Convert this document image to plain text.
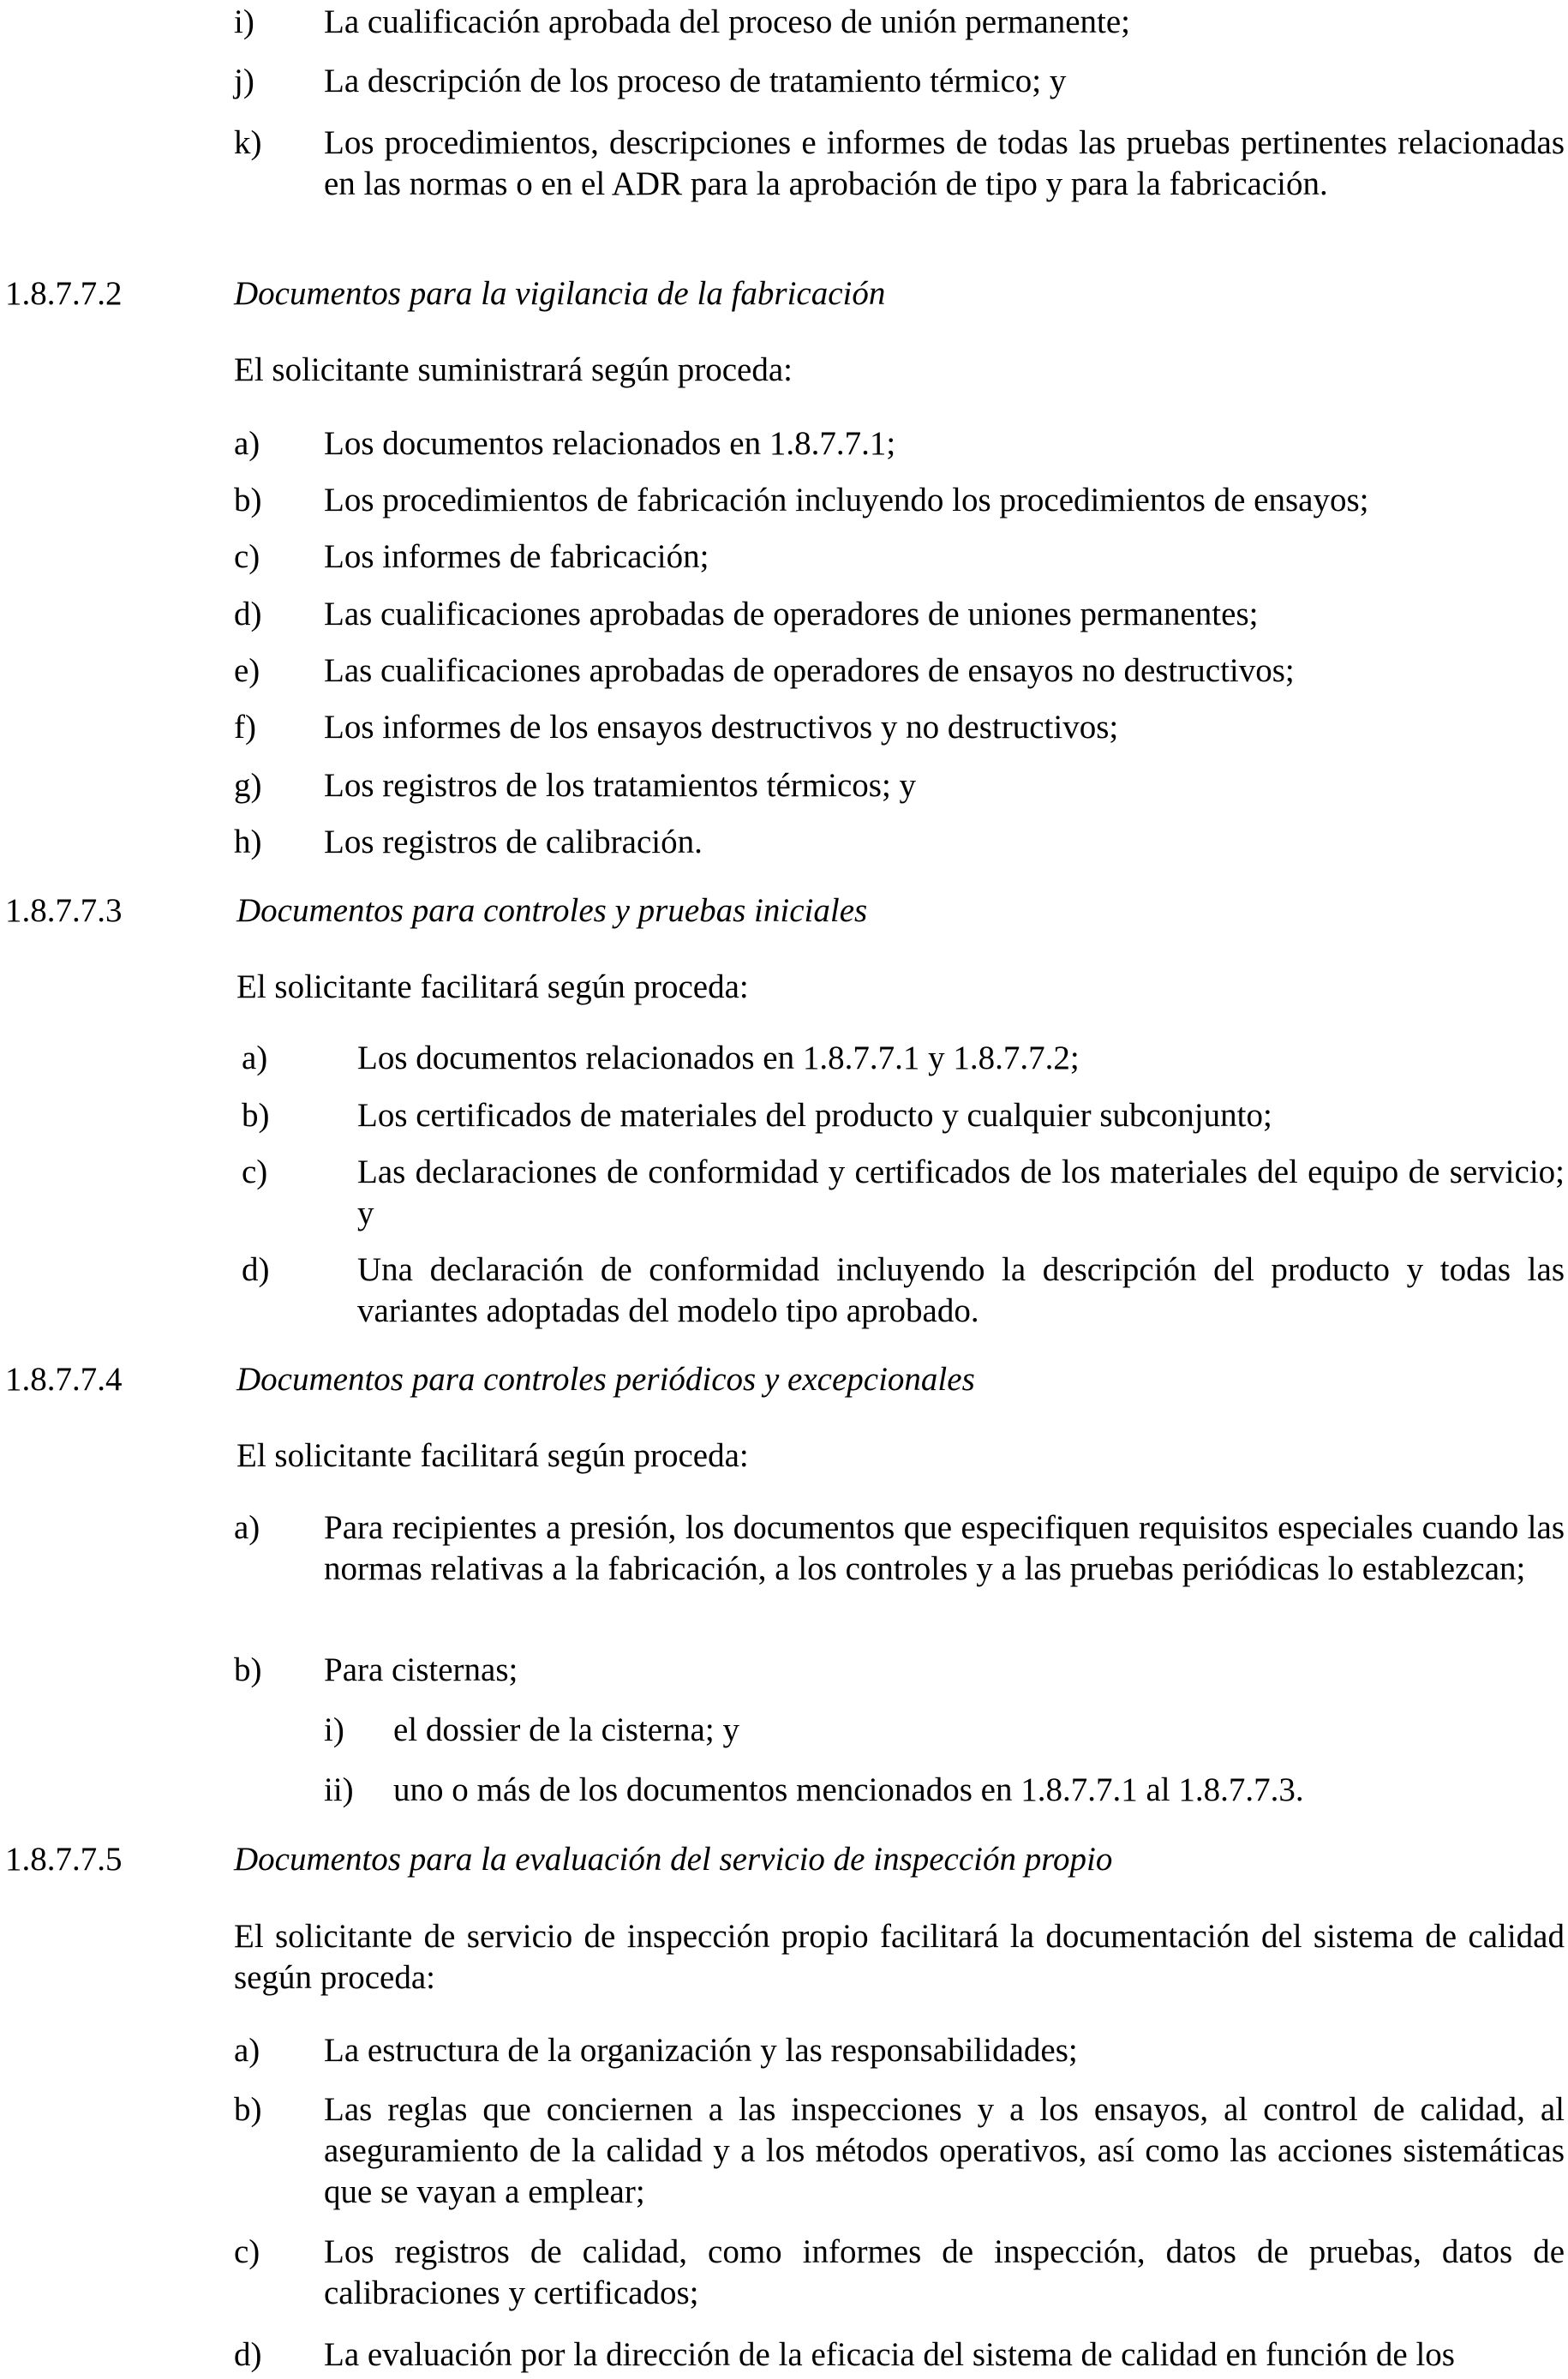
i) La cualificación aprobada del proceso de unión permanente;
j) La descripción de los proceso de tratamiento térmico; y
k) Los procedimientos, descripciones e informes de todas las pruebas pertinentes relacionadas en las normas o en el ADR para la aprobación de tipo y para la fabricación.
1.8.7.7.2	Documentos para la vigilancia de la fabricación
El solicitante suministrará según proceda:
a) Los documentos relacionados en 1.8.7.7.1;
b) Los procedimientos de fabricación incluyendo los procedimientos de ensayos;
c) Los informes de fabricación;
d) Las cualificaciones aprobadas de operadores de uniones permanentes;
e) Las cualificaciones aprobadas de operadores de ensayos no destructivos;
f) Los informes de los ensayos destructivos y no destructivos;
g) Los registros de los tratamientos térmicos; y
h) Los registros de calibración.
1.8.7.7.3	Documentos para controles y pruebas iniciales
El solicitante facilitará según proceda:
a)	Los documentos relacionados en 1.8.7.7.1 y 1.8.7.7.2;
b)	Los certificados de materiales del producto y cualquier subconjunto;
c)	Las declaraciones de conformidad y certificados de los materiales del equipo de servicio; y
d)	Una declaración de conformidad incluyendo la descripción del producto y todas las variantes adoptadas del modelo tipo aprobado.
1.8.7.7.4	Documentos para controles periódicos y excepcionales
El solicitante facilitará según proceda:
a) Para recipientes a presión, los documentos que especifiquen requisitos especiales cuando las normas relativas a la fabricación, a los controles y a las pruebas periódicas lo establezcan;
b) Para cisternas;
i) el dossier de la cisterna; y
ii) uno o más de los documentos mencionados en 1.8.7.7.1 al 1.8.7.7.3.
1.8.7.7.5	Documentos para la evaluación del servicio de inspección propio
El solicitante de servicio de inspección propio facilitará la documentación del sistema de calidad según proceda:
a) La estructura de la organización y las responsabilidades;
b) Las reglas que conciernen a las inspecciones y a los ensayos, al control de calidad, al aseguramiento de la calidad y a los métodos operativos, así como las acciones sistemáticas que se vayan a emplear;
c) Los registros de calidad, como informes de inspección, datos de pruebas, datos de calibraciones y certificados;
d) La evaluación por la dirección de la eficacia del sistema de calidad en función de los
